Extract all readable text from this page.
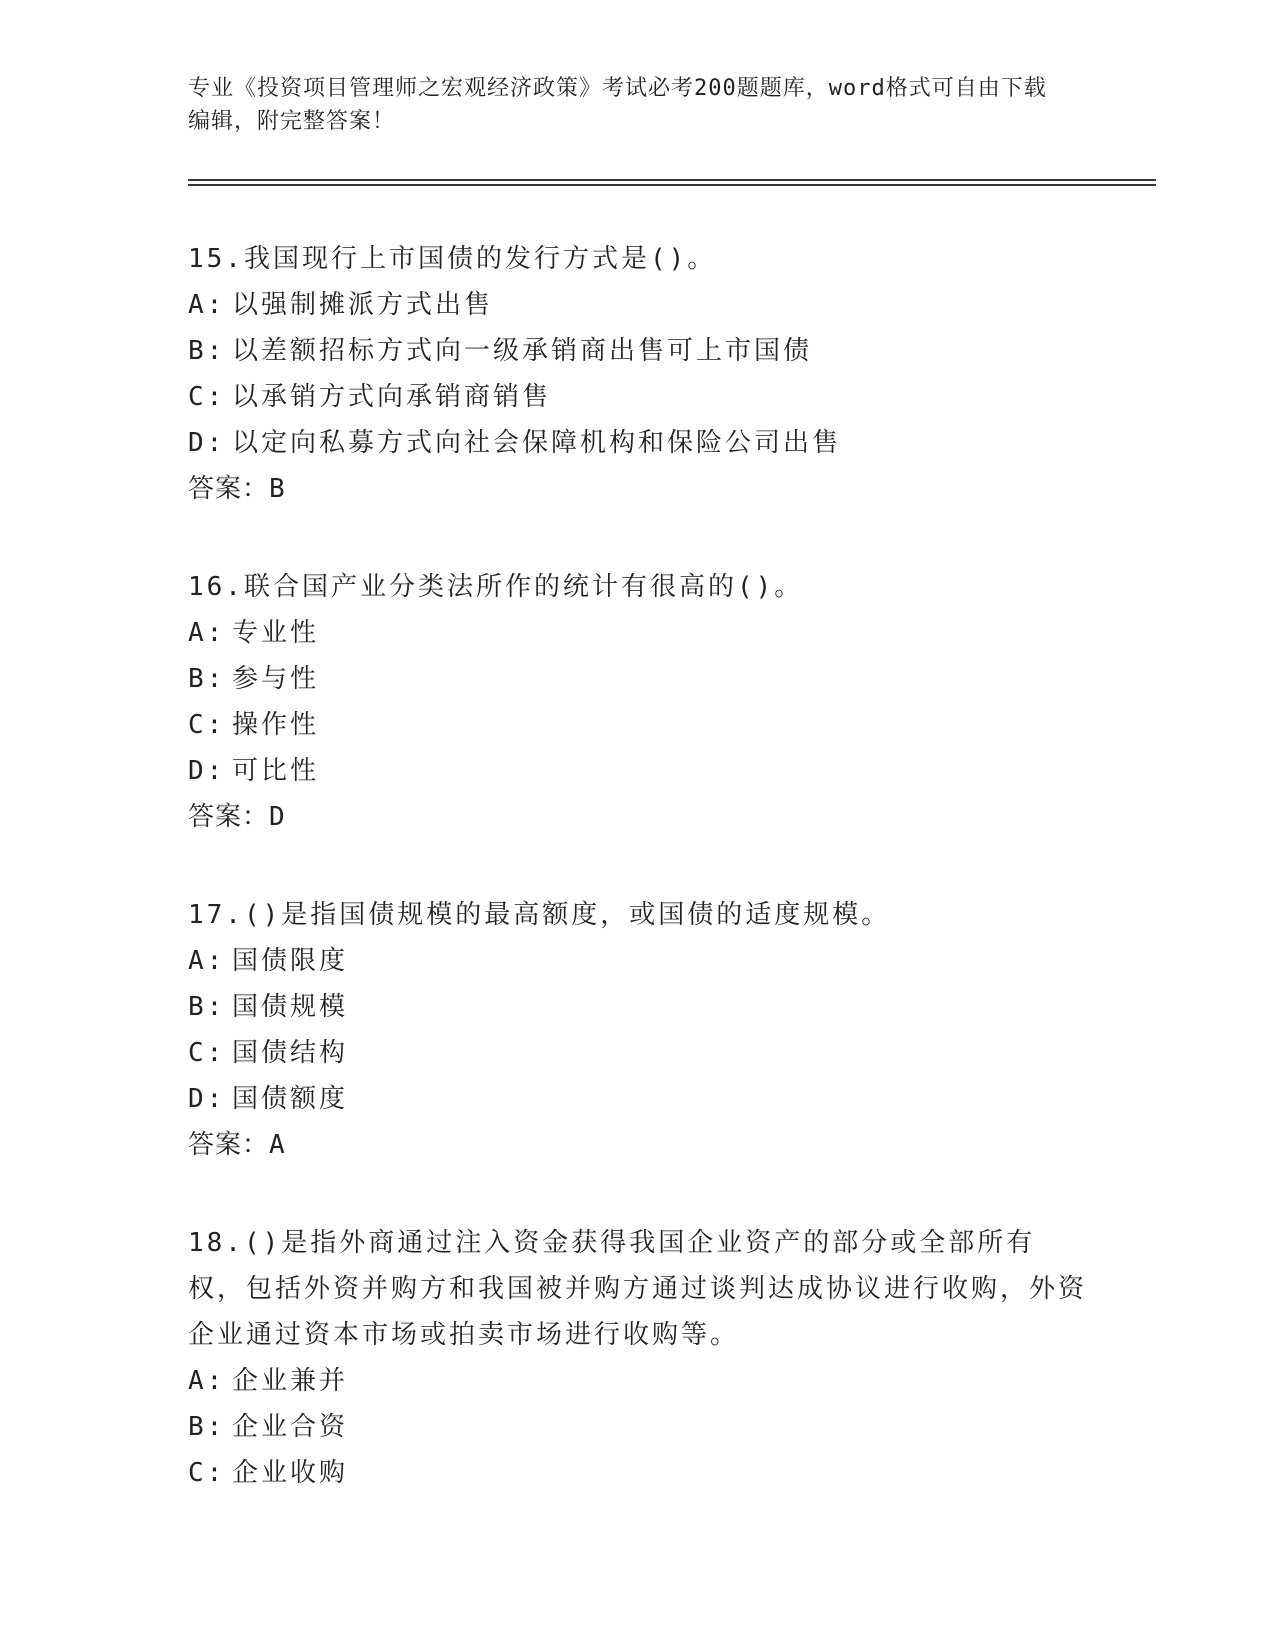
专业《投资项目管理师之宏观经济政策》考试必考200题题库，word格式可自由下载编辑，附完整答案！
15.我国现行上市国债的发行方式是()。
A: 以强制摊派方式出售
B: 以差额招标方式向一级承销商出售可上市国债
C: 以承销方式向承销商销售
D: 以定向私募方式向社会保障机构和保险公司出售
答案：B
16.联合国产业分类法所作的统计有很高的()。
A: 专业性
B: 参与性
C: 操作性
D: 可比性
答案：D
17.()是指国债规模的最高额度，或国债的适度规模。
A: 国债限度
B: 国债规模
C: 国债结构
D: 国债额度
答案：A
18.()是指外商通过注入资金获得我国企业资产的部分或全部所有权，包括外资并购方和我国被并购方通过谈判达成协议进行收购，外资企业通过资本市场或拍卖市场进行收购等。
A: 企业兼并
B: 企业合资
C: 企业收购
